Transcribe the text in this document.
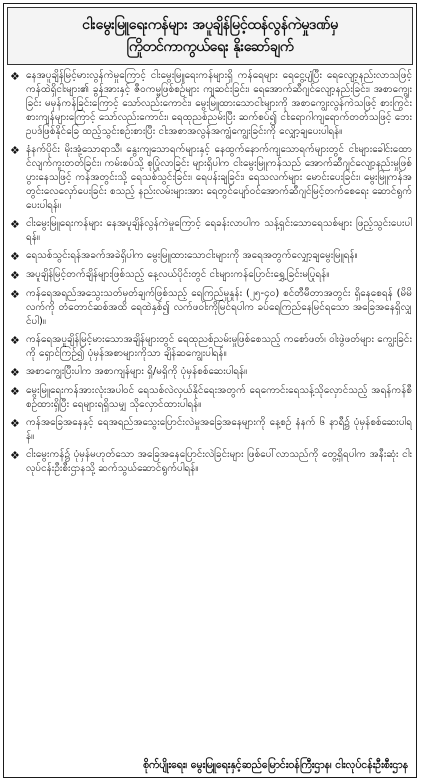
ငါးမွေးမြူရေးကန်များ အပူချိန်မြင့်ထန်လွန်ကဲမှုဒဏ်မှ
ကြိုတင်ကာကွယ်ရေး နိုးဆော်ချက်
❖ နေအပူချိန်မြင့်မားလွန်ကဲမှုကြောင့် ငါးမွေးမြူရေးကန်များရှိ ကန်ရေများ ရေငွေ့ပျံပြီး ရေလျော့နည်းလာသဖြင့် ကန်ထဲရှိငါးများ၏ ခွန်အားနှင့် ဇီဝကမ္မဖြစ်စဉ်များ ကျဆင်းခြင်း၊ ရေအောက်ဆီဂျင်လျော့နည်းခြင်း၊ အစာကျွေးခြင်း မမှန်ကန်ခြင်းကြောင့် သော်လည်းကောင်း၊ မွေးမြူထားသောငါးများကို အစာကျွေးလွန်ကဲသဖြင့် စားကြွင်းစားကျန်များကြောင့် သော်လည်းကောင်း၊ ရေထုညစ်ညမ်းပြီး ဆက်စပ်၍ ငါးရောဂါကျရောက်တတ်သဖြင့် ဘေးဥပဒ်ဖြစ်နိုင်ခြေ ထည့်သွင်းစဉ်းစားပြီး ငါးအစာအလွန်အကျွံကျွေးခြင်းကို လျှော့ချပေးပါရန်။
❖ နံနက်ပိုင်း မိုးအုံ့သောရာသီ၊ နွေးကျသောရက်များနှင့် နေထွက်နောက်ကျသောရက်များတွင် ငါးများခေါင်းထောင်လျက်ကူးတတ်ခြင်း၊ ကမ်းစပ်သို့ စုပြုံလာခြင်း များရှိပါက ငါးမွေးမြူကန်သည် အောက်ဆီဂျင်လျော့နည်းမှုဖြစ်ပွားနေသဖြင့် ကန်အတွင်းသို့ ရေသစ်သွင်းခြင်း၊ ရေပန်းချခြင်း၊ ရေသလက်များ မောင်းပေးခြင်း၊ မွေးမြူကန်အတွင်းလေလှော်ပေးခြင်း စသည့် နည်းလမ်းများအား ရေတွင်ပျော်ဝင်အောက်ဆီဂျင်မြင့်တက်စေရေး ဆောင်ရွက်ပေးပါရန်။
❖ ငါးမွေးမြူရေးကန်များ နေအပူချိန်လွန်ကဲမှုကြောင့် ရေခန်းလာပါက သန့်ရှင်းသောရေသစ်များ ဖြည့်သွင်းပေးပါရန်။
❖ ရေသစ်သွင်းရန်အခက်အခဲရှိပါက မွေးမြူထားသောငါးများကို အရေအတွက်လျှော့ချမွေးမြူရန်။
❖ အပူချိန်မြင့်တက်ချိန်များဖြစ်သည့် နေ့လယ်ပိုင်းတွင် ငါးများကန်ပြောင်းရွှေ့ခြင်းမပြုရန်။
❖ ကန်ရေအရည်အသွေးသတ်မှတ်ချက်ဖြစ်သည့် ရေကြည်မှုနှုန်း (၂၅-၄၀) စင်တီမီတာအတွင်း ရှိနေစေရန် (မိမိလက်ကို တံတောင်ဆစ်အထိ ရေထဲနှစ်၍ လက်ဖဝါးကိုမြင်ရပါက ခပ်ရေကြည်နေမြင်ရသော အခြေအနေရှိလျှင်ပါ)။
❖ ကန်ရေအပူချိန်မြင့်မားသောအချိန်များတွင် ရေထုညစ်ညမ်းမှုဖြစ်စေသည့် ကစော်ဖတ်၊ ဝါးဖွဲဖတ်များ ကျွေးခြင်းကို ရှောင်ကြဉ်၍ ပုံမှန်အစာများကိုသာ ချိန်ဆကျွေးပါရန်။
❖ အစာကျွေးပြီးပါက အစာကျန်များ ရှိ/မရှိကို ပုံမှန်စစ်ဆေးပါရန်။
❖ မွေးမြူရေးကန်အားလုံးအပါဝင် ရေသစ်လဲလှယ်နိုင်ရေးအတွက် ရေကောင်းရေသန့်သိုလှောင်သည့် အရန်ကန်စီစဉ်ထားရှိပြီး ရေများရရှိသမျှ သိုလှောင်ထားပါရန်။
❖ ကန်အခြေအနေနှင့် ရေအရည်အသွေးပြောင်းလဲမှုအခြေအနေများကို နေ့စဉ် နံနက် ၆ နာရီ၌ ပုံမှန်စစ်ဆေးပါရန်။
❖ ငါးမွေးကန်၌ ပုံမှန်မဟုတ်သော အခြေအနေပြောင်းလဲခြင်းများ ဖြစ်ပေါ်လာသည်ကို တွေ့ရှိရပါက အနီးဆုံး ငါးလုပ်ငန်းဦးစီးဌာနသို့ ဆက်သွယ်ဆောင်ရွက်ပါရန်။
စိုက်ပျိုးရေး၊ မွေးမြူရေးနှင့်ဆည်မြောင်းဝန်ကြီးဌာန၊ ငါးလုပ်ငန်းဦးစီးဌာန
